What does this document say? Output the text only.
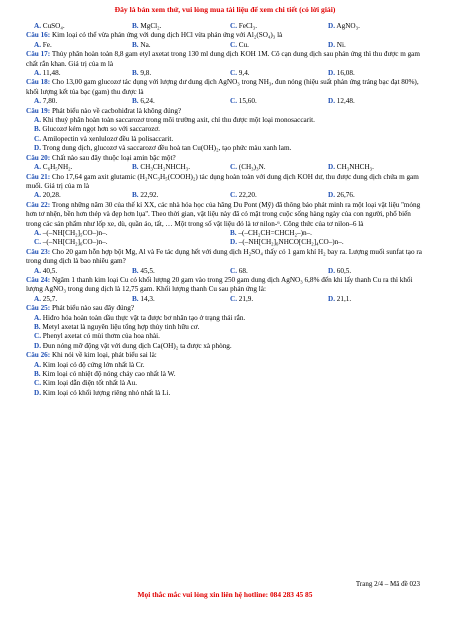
Đây là bản xem thử, vui lòng mua tài liệu để xem chi tiết (có lời giải)
A. CuSO₄.	B. MgCl₂.	C. FeCl₃.	D. AgNO₃.
Câu 16: Kim loại có thể vừa phản ứng với dung dịch HCl vừa phản ứng với Al₂(SO₄)₃ là
A. Fe.	B. Na.	C. Cu.	D. Ni.
Câu 17: Thủy phân hoàn toàn 8,8 gam etyl axetat trong 130 ml dung dịch KOH 1M. Cô cạn dung dịch sau phản ứng thì thu được m gam chất rắn khan. Giá trị của m là
A. 11,48.	B. 9,8.	C. 9,4.	D. 16,08.
Câu 18: Cho 13,00 gam glucozơ tác dụng với lượng dư dung dịch AgNO₃ trong NH₃, đun nóng (hiệu suất phản ứng tráng bạc đạt 80%), khối lượng kết tủa bạc (gam) thu được là
A. 7,80.	B. 6,24.	C. 15,60.	D. 12,48.
Câu 19: Phát biểu nào về cacbohiđrat là không đúng?
A. Khi thuỷ phân hoàn toàn saccarozơ trong môi trường axit, chỉ thu được một loại monosaccarit.
B. Glucozơ kém ngọt hơn so với saccarozơ.
C. Amilopectin và xenlulozơ đều là polisaccarit.
D. Trong dung dịch, glucozơ và saccarozơ đều hoà tan Cu(OH)₂, tạo phức màu xanh lam.
Câu 20: Chất nào sau đây thuộc loại amin bậc một?
A. C₆H₅NH₂.	B. CH₃CH₂NHCH₃.	C. (CH₃)₃N.	D. CH₃NHCH₃.
Câu 21: Cho 17,64 gam axit glutamic (H₂NC₃H₅(COOH)₂) tác dụng hoàn toàn với dung dịch KOH dư, thu được dung dịch chứa m gam muối. Giá trị của m là
A. 20,28.	B. 22,92.	C. 22,20.	D. 26,76.
Câu 22: Trong những năm 30 của thế kỉ XX, các nhà hóa học của hãng Du Pont (Mỹ) đã thông báo phát minh ra một loại vật liệu ''mỏng hơn tơ nhện, bền hơn thép và đẹp hơn lụa''. Theo thời gian, vật liệu này đã có mặt trong cuộc sống hàng ngày của con người, phổ biến trong các sản phẩm như lốp xe, dù, quần áo, tất, … Một trong số vật liệu đó là tơ nilon-⁶. Công thức của tơ nilon–6 là
A. –(–NH[CH₂]₅CO–)n–.	B. –(–CH₂CH=CHCH₂–)n–.
C. –(–NH[CH₂]₆CO–)n–.	D. –(–NH[CH₂]₆NHCO[CH₂]₄CO–)n–.
Câu 23: Cho 20 gam hỗn hợp bột Mg, Al và Fe tác dụng hết với dung dịch H₂SO₄ thấy có 1 gam khí H₂ bay ra. Lượng muối sunfat tạo ra trong dung dịch là bao nhiêu gam?
A. 40,5.	B. 45,5.	C. 68.	D. 60,5.
Câu 24: Ngâm 1 thanh kim loại Cu có khối lượng 20 gam vào trong 250 gam dung dịch AgNO₃ 6,8% đến khi lấy thanh Cu ra thì khối lượng AgNO₃ trong dung dịch là 12,75 gam. Khối lượng thanh Cu sau phản ứng là:
A. 25,7.	B. 14,3.	C. 21,9.	D. 21,1.
Câu 25: Phát biểu nào sau đây đúng?
A. Hiđro hóa hoàn toàn dầu thực vật ta được bơ nhân tạo ở trạng thái rắn.
B. Metyl axetat là nguyên liệu tổng hợp thủy tinh hữu cơ.
C. Phenyl axetat có mùi thơm của hoa nhài.
D. Đun nóng mỡ động vật với dung dịch Ca(OH)₂ ta được xà phòng.
Câu 26: Khi nói về kim loại, phát biểu sai là:
A. Kim loại có độ cứng lớn nhất là Cr.
B. Kim loại có nhiệt độ nóng chảy cao nhất là W.
C. Kim loại dẫn điện tốt nhất là Au.
D. Kim loại có khối lượng riêng nhỏ nhất là Li.
Trang 2/4 – Mã đề 023
Mọi thắc mắc vui lòng xin liên hệ hotline: 084 283 45 85
